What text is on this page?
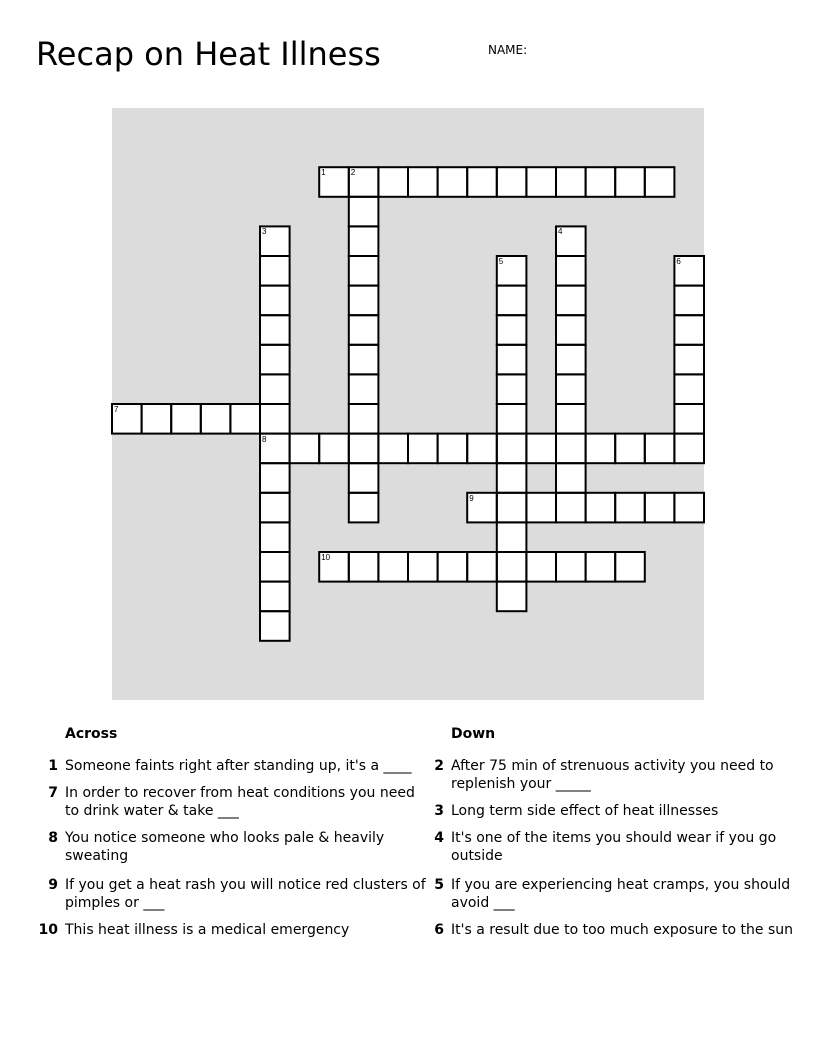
Recap on Heat Illness	NAME:
1	2
3
8
4
5	6
7
9
10
Across	Down
1 Someone faints right after standing up, it's a ____
7 In order to recover from heat conditions you need
to drink water & take ___
8 You notice someone who looks pale & heavily
sweating
9 If you get a heat rash you will notice red clusters of
pimples or ___
10 This heat illness is a medical emergency
2 After 75 min of strenuous activity you need to
replenish your _____
3 Long term side effect of heat illnesses
4 It's one of the items you should wear if you go
outside
5 If you are experiencing heat cramps, you should
avoid ___
6 It's a result due to too much exposure to the sun
